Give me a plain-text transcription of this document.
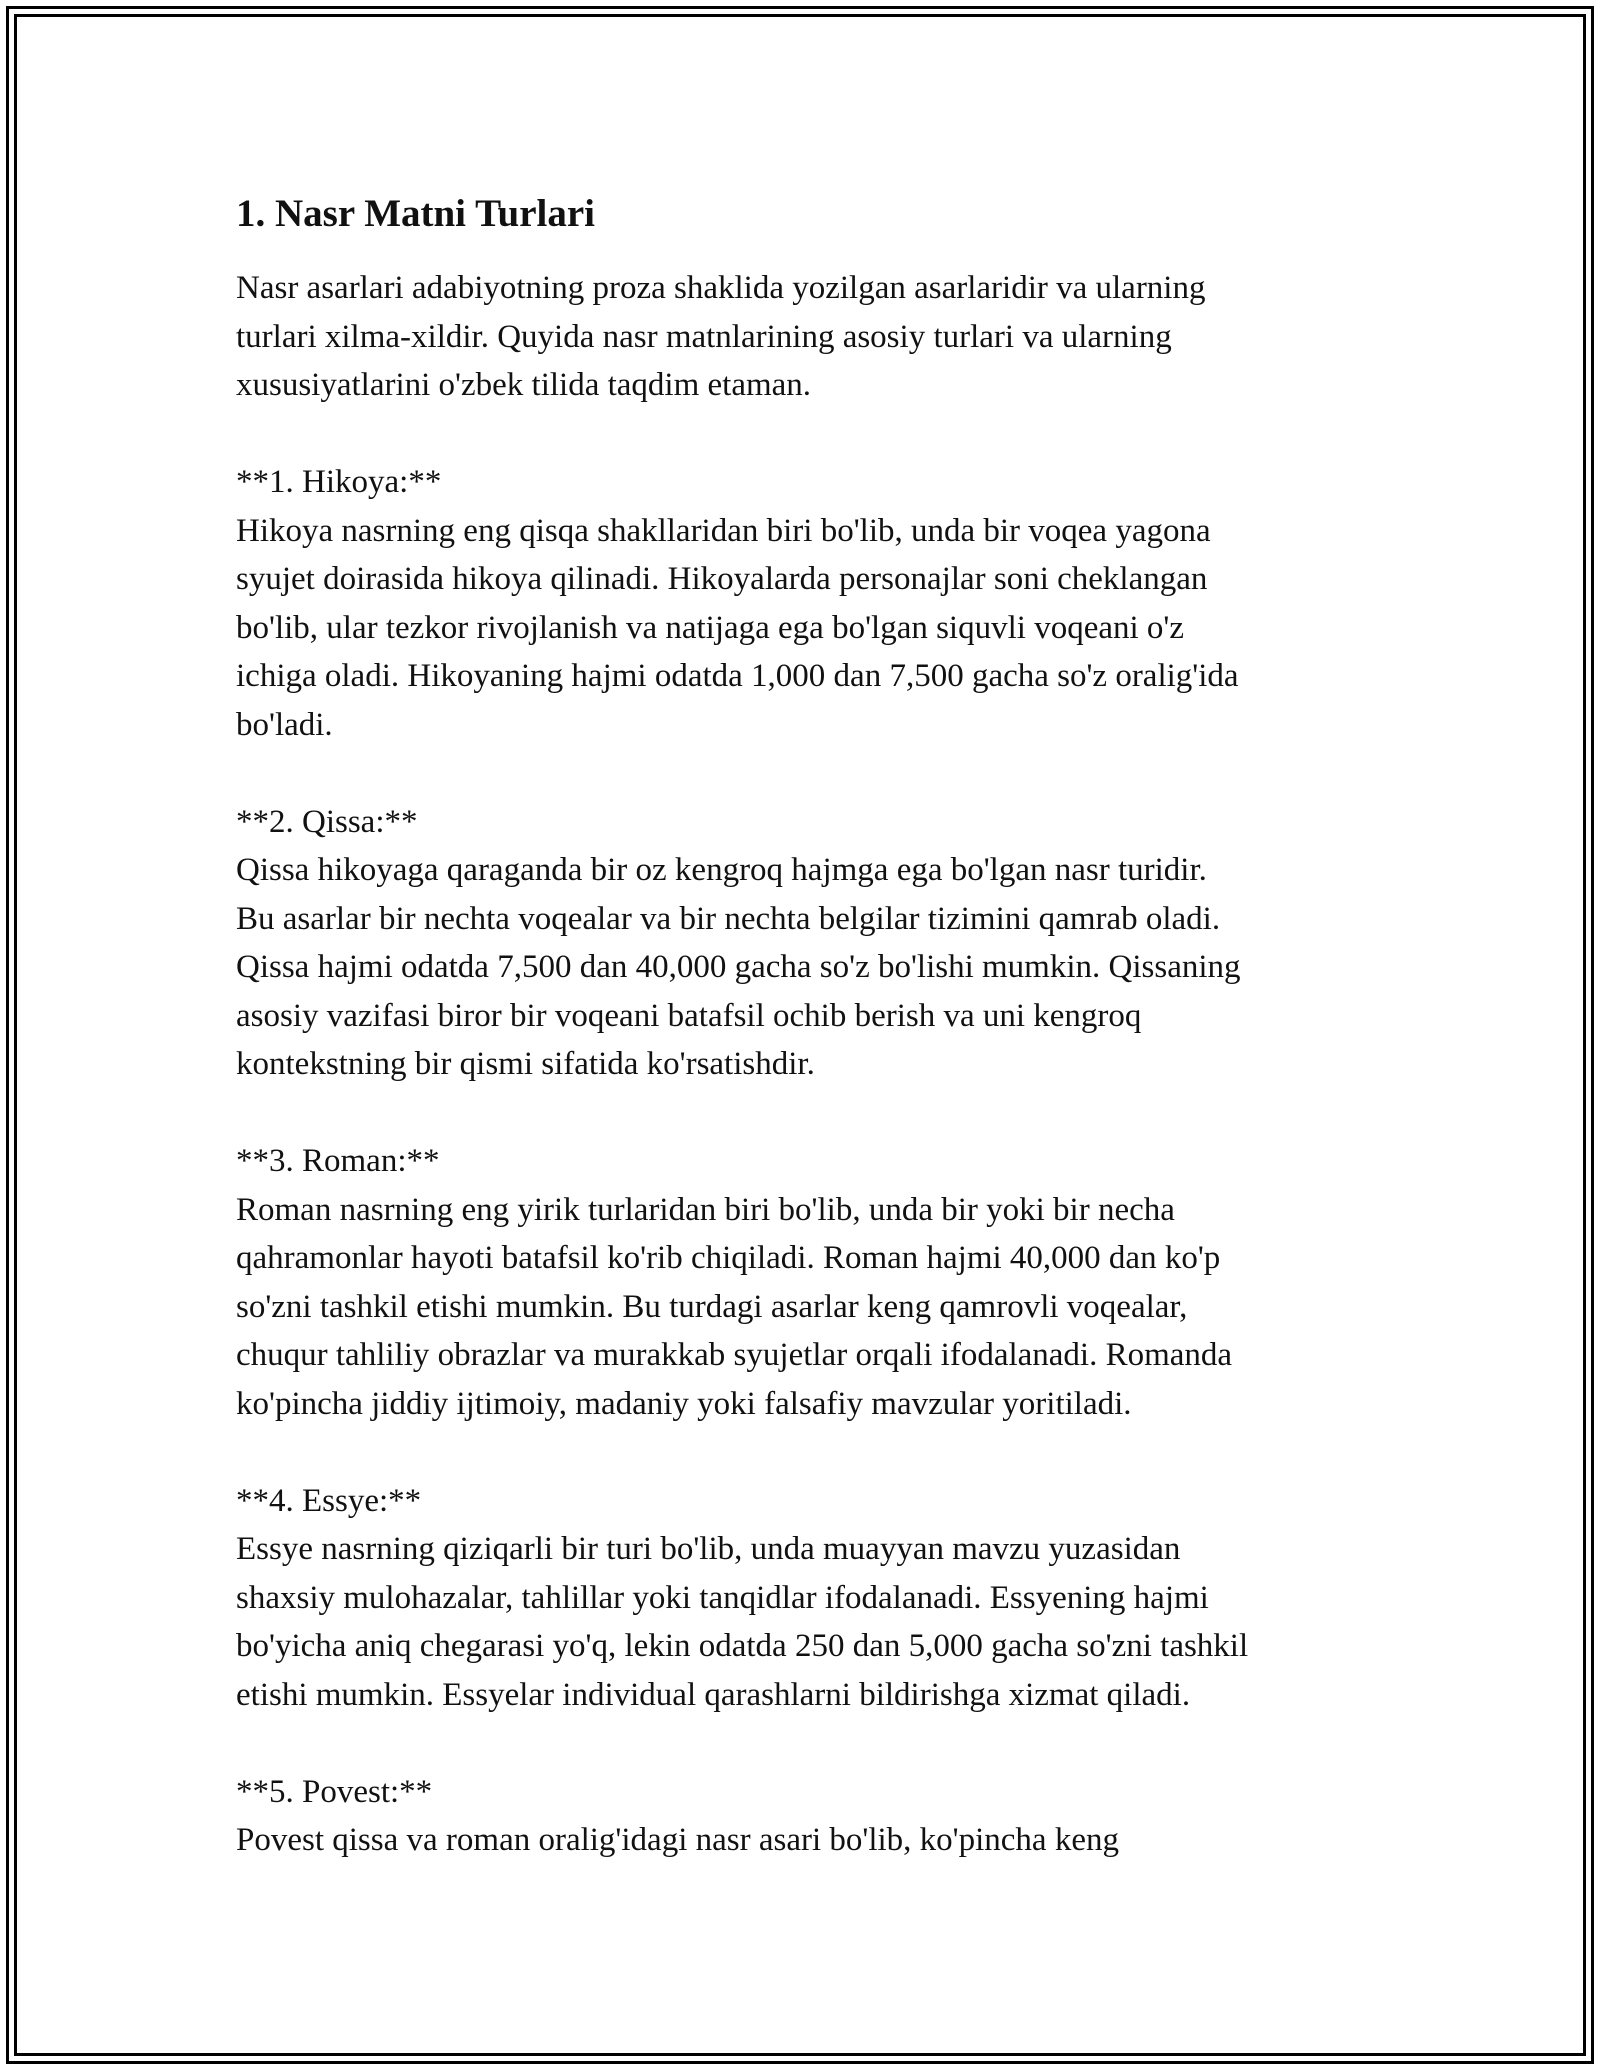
1. Nasr Matni Turlari

Nasr asarlari adabiyotning proza shaklida yozilgan asarlaridir va ularning
turlari xilma-xildir. Quyida nasr matnlarining asosiy turlari va ularning
xususiyatlarini o'zbek tilida taqdim etaman.

**1. Hikoya:**

Hikoya nasrning eng qisqa shakllaridan biri bo'lib, unda bir voqea yagona
syujet doirasida hikoya qilinadi. Hikoyalarda personajlar soni cheklangan
bo'lib, ular tezkor rivojlanish va natijaga ega bo'lgan siquvli voqeani o'z
ichiga oladi. Hikoyaning hajmi odatda 1,000 dan 7,500 gacha so'z oralig'ida
bo'ladi.

**2. Qissa:**

Qissa hikoyaga qaraganda bir oz kengroq hajmga ega bo'lgan nasr turidir.
Bu asarlar bir nechta voqealar va bir nechta belgilar tizimini qamrab oladi.
Qissa hajmi odatda 7,500 dan 40,000 gacha so'z bo'lishi mumkin. Qissaning
asosiy vazifasi biror bir voqeani batafsil ochib berish va uni kengroq
kontekstning bir qismi sifatida ko'rsatishdir.

**3. Roman:**

Roman nasrning eng yirik turlaridan biri bo'lib, unda bir yoki bir necha
qahramonlar hayoti batafsil ko'rib chiqiladi. Roman hajmi 40,000 dan ko'p
so'zni tashkil etishi mumkin. Bu turdagi asarlar keng qamrovli voqealar,
chuqur tahliliy obrazlar va murakkab syujetlar orqali ifodalanadi. Romanda
ko'pincha jiddiy ijtimoiy, madaniy yoki falsafiy mavzular yoritiladi.

**4. Essye:**

Essye nasrning qiziqarli bir turi bo'lib, unda muayyan mavzu yuzasidan
shaxsiy mulohazalar, tahlillar yoki tanqidlar ifodalanadi. Essyening hajmi
bo'yicha aniq chegarasi yo'q, lekin odatda 250 dan 5,000 gacha so'zni tashkil
etishi mumkin. Essyelar individual qarashlarni bildirishga xizmat qiladi.

**5. Povest:**

Povest qissa va roman oralig'idagi nasr asari bo'lib, ko'pincha keng
